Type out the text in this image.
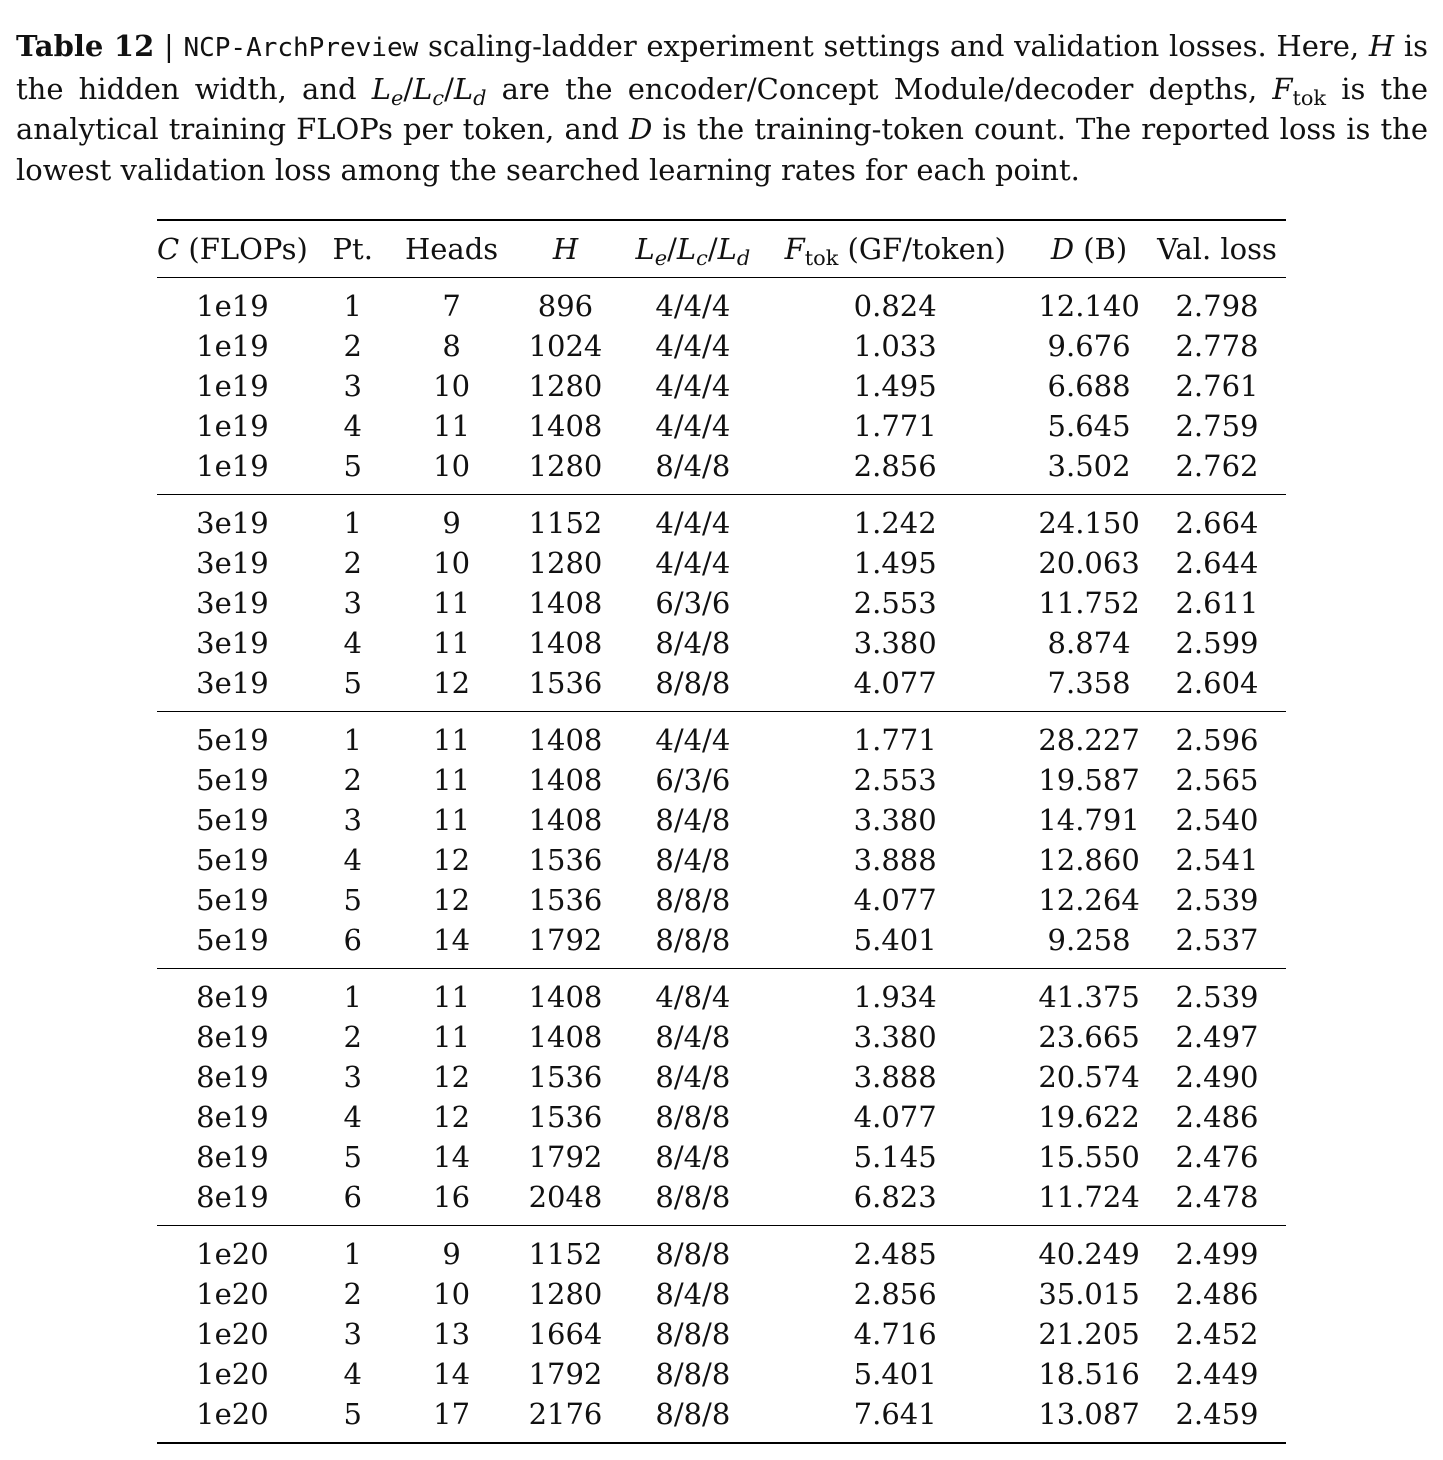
Table 12 | NCP-ArchPreview scaling-ladder experiment settings and validation losses. Here, H is the hidden width, and $L_e/L_c/L_d$ are the encoder/Concept Module/decoder depths, $F_{tok}$ is the analytical training FLOPs per token, and D is the training-token count. The reported loss is the lowest validation loss among the searched learning rates for each point.
C (FLOPs)	Pt.	Heads	H	$L_e/L_c/L_d$	$F_{tok}$ (GF/token)	D (B)	Val. loss
1e19	1	7	896	4/4/4	0.824	12.140	2.798
1e19	2	8	1024	4/4/4	1.033	9.676	2.778
1e19	3	10	1280	4/4/4	1.495	6.688	2.761
1e19	4	11	1408	4/4/4	1.771	5.645	2.759
1e19	5	10	1280	8/4/8	2.856	3.502	2.762
3e19	1	9	1152	4/4/4	1.242	24.150	2.664
3e19	2	10	1280	4/4/4	1.495	20.063	2.644
3e19	3	11	1408	6/3/6	2.553	11.752	2.611
3e19	4	11	1408	8/4/8	3.380	8.874	2.599
3e19	5	12	1536	8/8/8	4.077	7.358	2.604
5e19	1	11	1408	4/4/4	1.771	28.227	2.596
5e19	2	11	1408	6/3/6	2.553	19.587	2.565
5e19	3	11	1408	8/4/8	3.380	14.791	2.540
5e19	4	12	1536	8/4/8	3.888	12.860	2.541
5e19	5	12	1536	8/8/8	4.077	12.264	2.539
5e19	6	14	1792	8/8/8	5.401	9.258	2.537
8e19	1	11	1408	4/8/4	1.934	41.375	2.539
8e19	2	11	1408	8/4/8	3.380	23.665	2.497
8e19	3	12	1536	8/4/8	3.888	20.574	2.490
8e19	4	12	1536	8/8/8	4.077	19.622	2.486
8e19	5	14	1792	8/4/8	5.145	15.550	2.476
8e19	6	16	2048	8/8/8	6.823	11.724	2.478
1e20	1	9	1152	8/8/8	2.485	40.249	2.499
1e20	2	10	1280	8/4/8	2.856	35.015	2.486
1e20	3	13	1664	8/8/8	4.716	21.205	2.452
1e20	4	14	1792	8/8/8	5.401	18.516	2.449
1e20	5	17	2176	8/8/8	7.641	13.087	2.459
